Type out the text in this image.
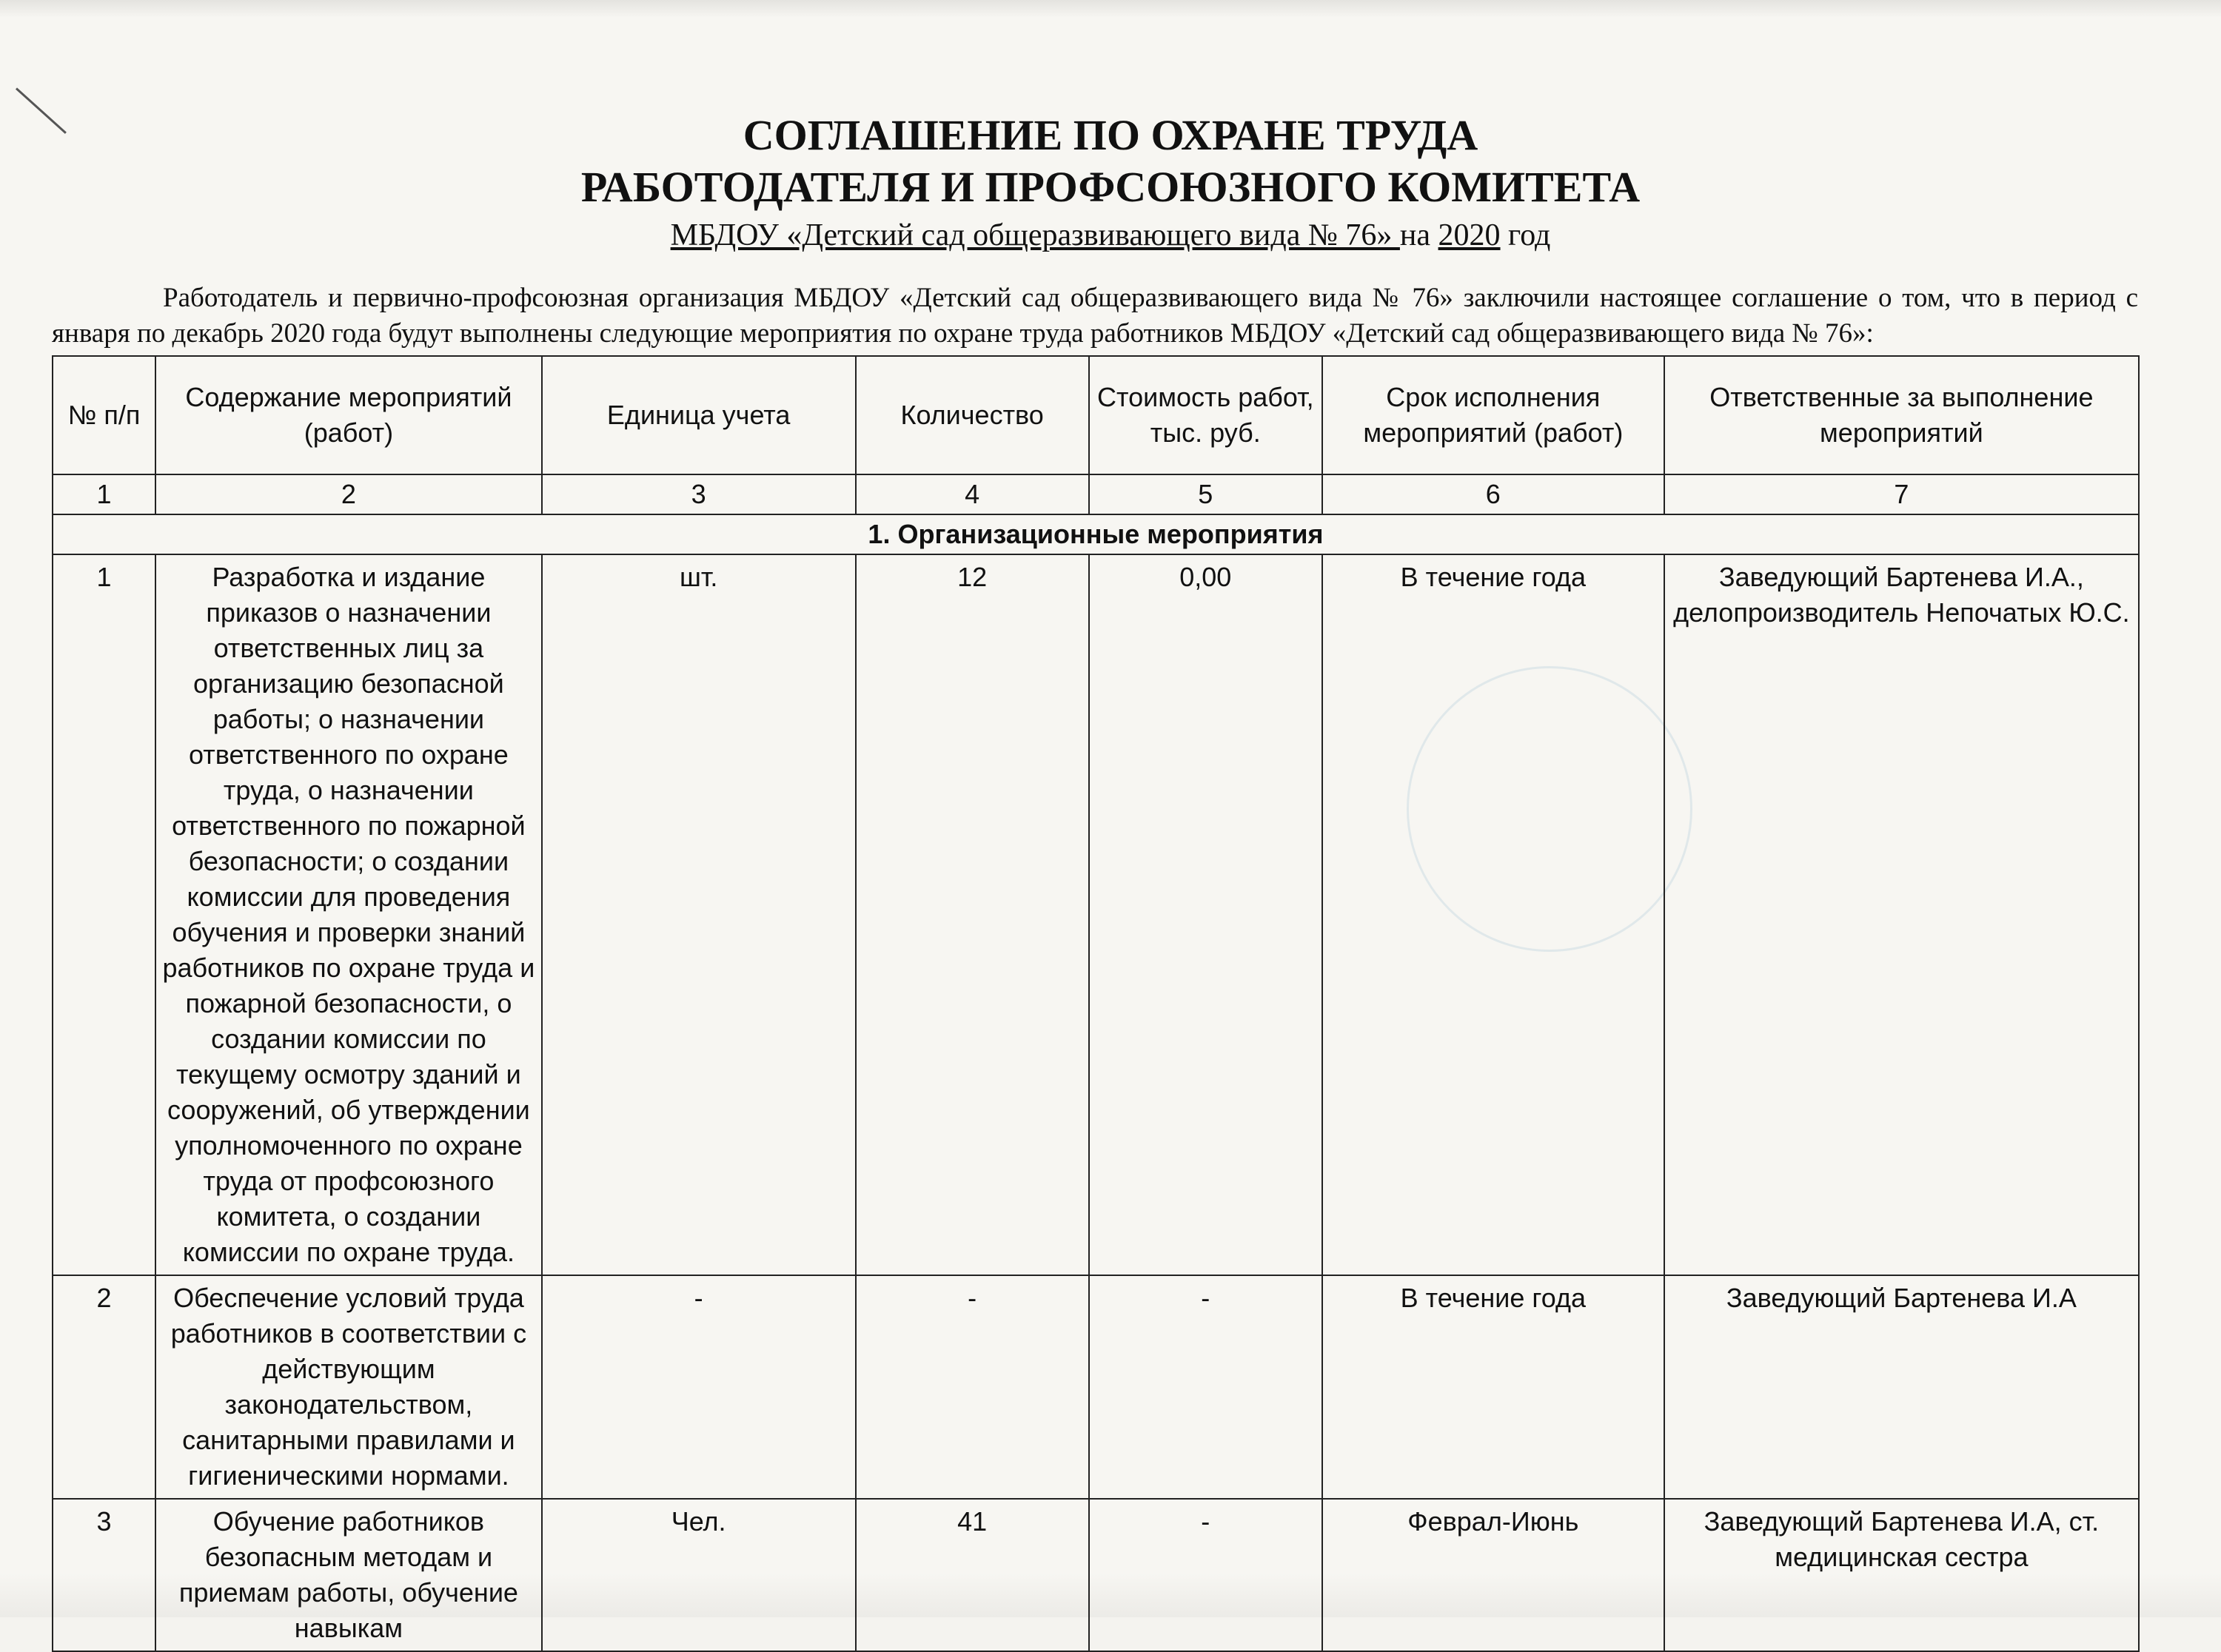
СОГЛАШЕНИЕ ПО ОХРАНЕ ТРУДА
РАБОТОДАТЕЛЯ И ПРОФСОЮЗНОГО КОМИТЕТА
МБДОУ «Детский сад общеразвивающего вида № 76» на 2020 год

Работодатель и первично-профсоюзная организация МБДОУ «Детский сад общеразвивающего вида № 76» заключили настоящее соглашение о том, что в период с января по декабрь 2020 года будут выполнены следующие мероприятия по охране труда работников МБДОУ «Детский сад общеразвивающего вида № 76»:

№ п/п	Содержание мероприятий (работ)	Единица учета	Количество	Стоимость работ, тыс. руб.	Срок исполнения мероприятий (работ)	Ответственные за выполнение мероприятий
1	2	3	4	5	6	7
1. Организационные мероприятия						
1	Разработка и издание приказов о назначении ответственных лиц за организацию безопасной работы; о назначении ответственного по охране труда, о назначении ответственного по пожарной безопасности; о создании комиссии для проведения обучения и проверки знаний работников по охране труда и пожарной безопасности, о создании комиссии по текущему осмотру зданий и сооружений, об утверждении уполномоченного по охране труда от профсоюзного комитета, о создании комиссии по охране труда.	шт.	12	0,00	В течение года	Заведующий Бартенева И.А., делопроизводитель Непочатых Ю.С.
2	Обеспечение условий труда работников в соответствии с действующим законодательством, санитарными правилами и гигиеническими нормами.	-	-	-	В течение года	Заведующий Бартенева И.А
3	Обучение работников безопасным методам и приемам работы, обучение навыкам	Чел.	41	-	Феврал-Июнь	Заведующий Бартенева И.А, ст. медицинская сестра
